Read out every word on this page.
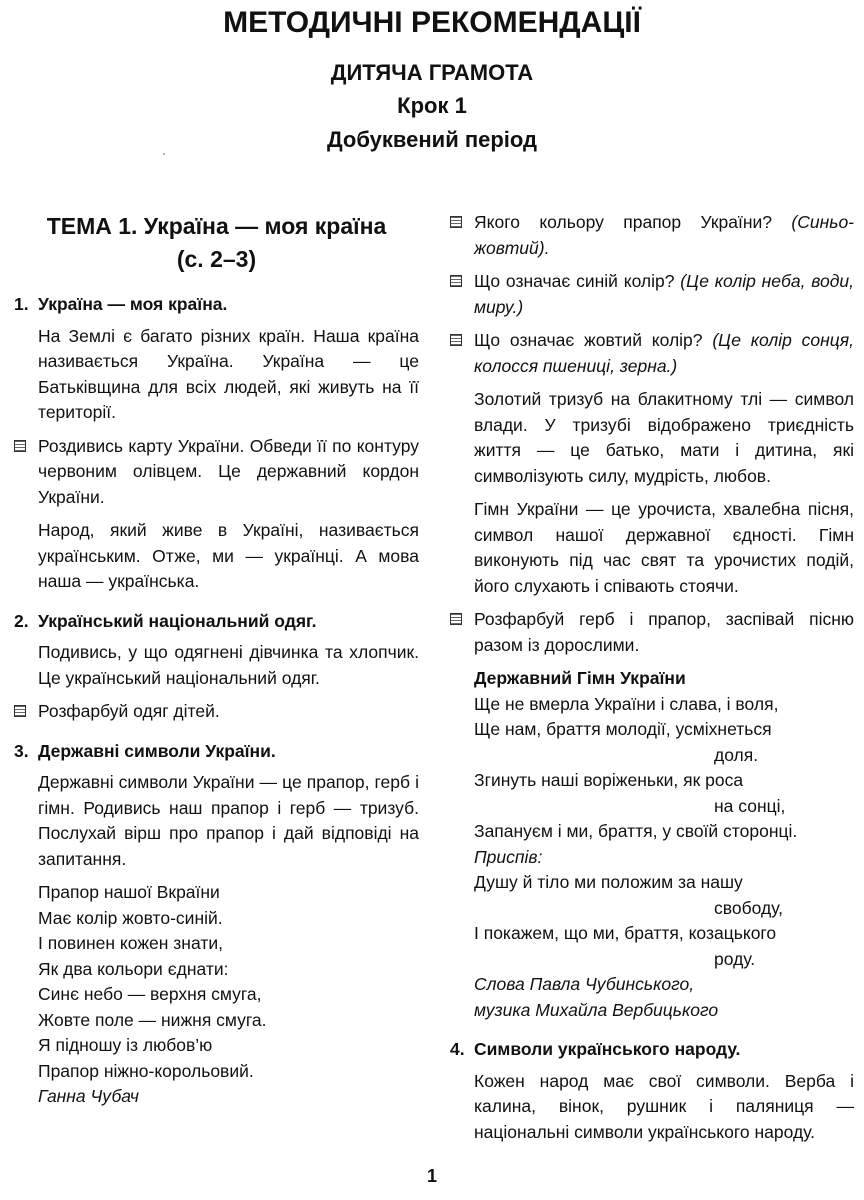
МЕТОДИЧНІ РЕКОМЕНДАЦІЇ
ДИТЯЧА ГРАМОТА
Крок 1
Добуквений період
ТЕМА 1. Україна — моя країна
(с. 2–3)
1. Україна — моя країна.
На Землі є багато різних країн. Наша країна називається Україна. Україна — це Батьківщина для всіх людей, які живуть на її території.
Роздивись карту України. Обведи її по контуру червоним олівцем. Це державний кордон України.
Народ, який живе в Україні, називається українським. Отже, ми — українці. А мова наша — українська.
2. Український національний одяг.
Подивись, у що одягнені дівчинка та хлопчик. Це український національний одяг.
Розфарбуй одяг дітей.
3. Державні символи України.
Державні символи України — це прапор, герб і гімн. Родивись наш прапор і герб — тризуб. Послухай вірш про прапор і дай відповіді на запитання.
Прапор нашої Вкраїни
Має колір жовто-синій.
І повинен кожен знати,
Як два кольори єднати:
Синє небо — верхня смуга,
Жовте поле — нижня смуга.
Я підношу із любов’ю
Прапор ніжно-корольовий.
Ганна Чубач
Якого кольору прапор України? (Синьо-жовтий).
Що означає синій колір? (Це колір неба, води, миру.)
Що означає жовтий колір? (Це колір сонця, колосся пшениці, зерна.)
Золотий тризуб на блакитному тлі — символ влади. У тризубі відображено триєдність життя — це батько, мати і дитина, які символізують силу, мудрість, любов.
Гімн України — це урочиста, хвалебна пісня, символ нашої державної єдності. Гімн виконують під час свят та урочистих подій, його слухають і співають стоячи.
Розфарбуй герб і прапор, заспівай пісню разом із дорослими.
Державний Гімн України
Ще не вмерла України і слава, і воля,
Ще нам, браття молодії, усміхнеться
доля.
Згинуть наші воріженьки, як роса
на сонці,
Запануєм і ми, браття, у своїй сторонці.
Приспів:
Душу й тіло ми положим за нашу
свободу,
І покажем, що ми, браття, козацького
роду.
Слова Павла Чубинського,
музика Михайла Вербицького
4. Символи українського народу.
Кожен народ має свої символи. Верба і калина, вінок, рушник і паляниця — національні символи українського народу.
1
